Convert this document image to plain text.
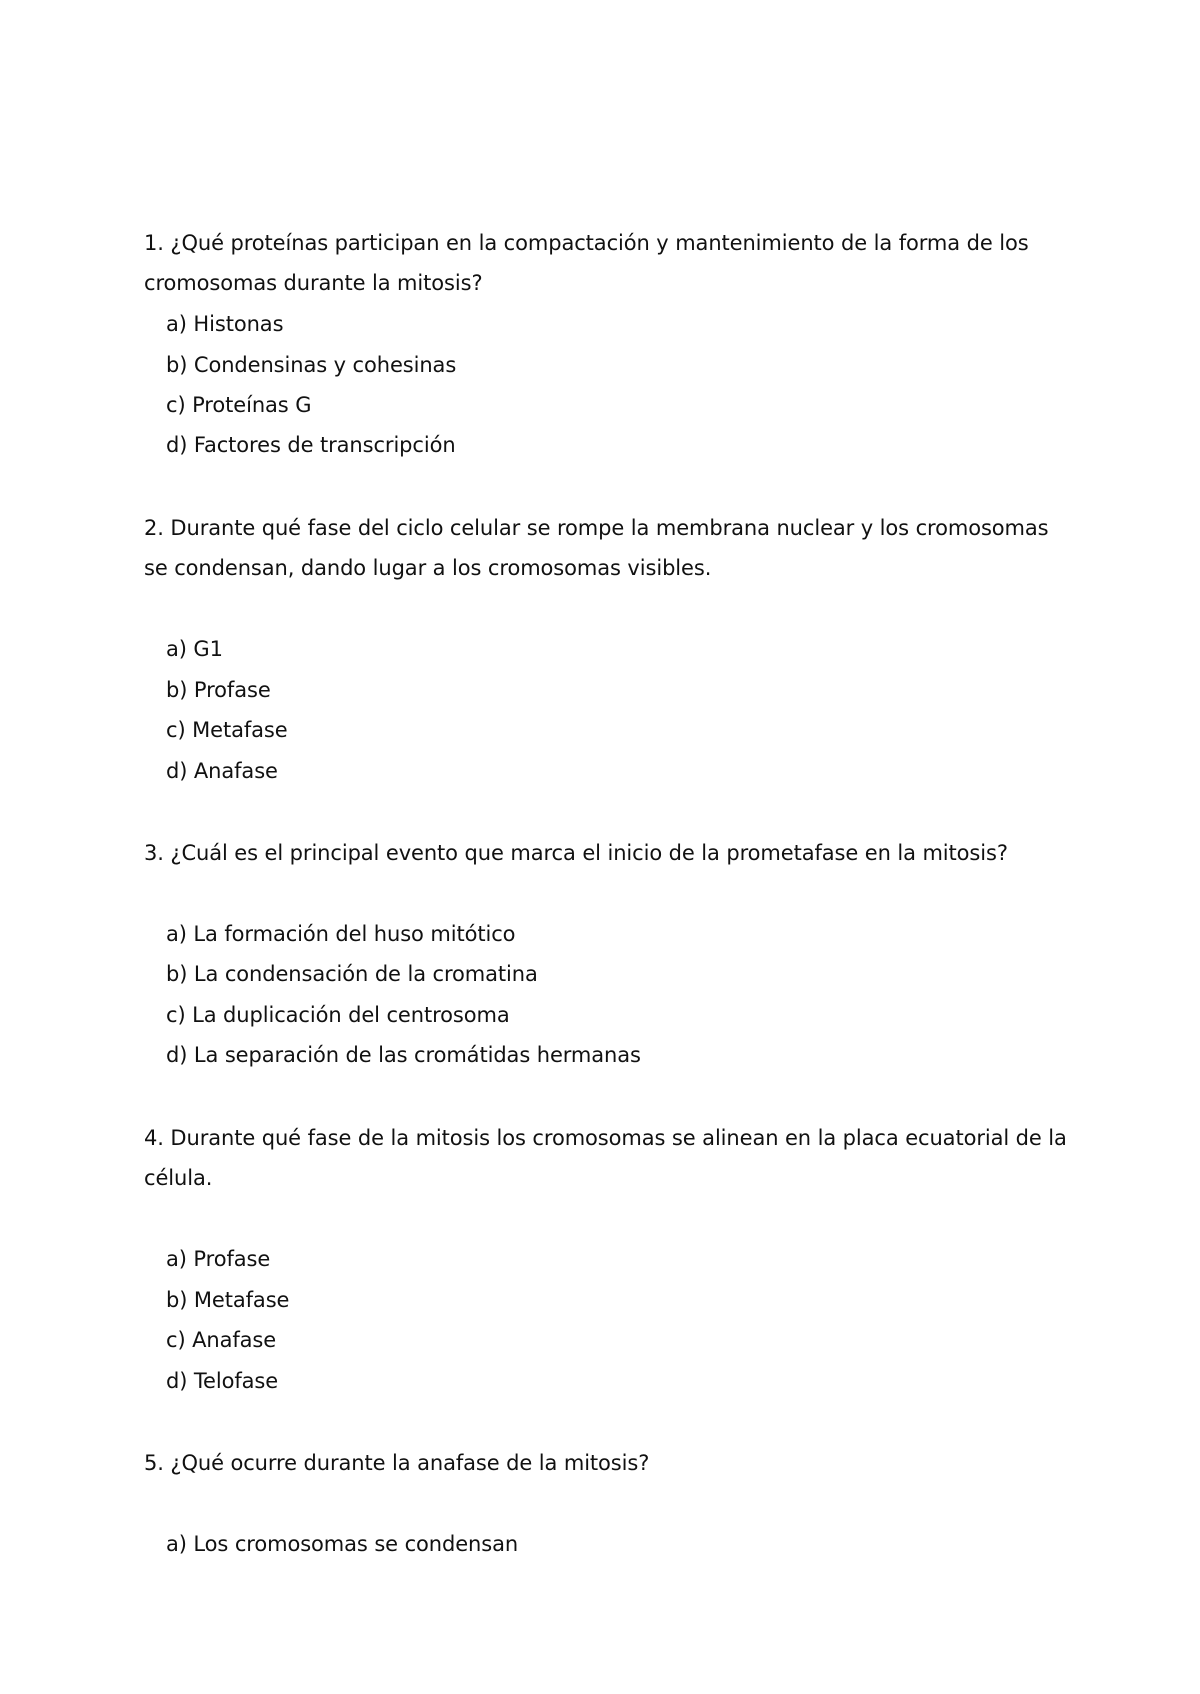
1. ¿Qué proteínas participan en la compactación y mantenimiento de la forma de los
cromosomas durante la mitosis?
a) Histonas
b) Condensinas y cohesinas
c) Proteínas G
d) Factores de transcripción
2. Durante qué fase del ciclo celular se rompe la membrana nuclear y los cromosomas
se condensan, dando lugar a los cromosomas visibles.
a) G1
b) Profase
c) Metafase
d) Anafase
3. ¿Cuál es el principal evento que marca el inicio de la prometafase en la mitosis?
a) La formación del huso mitótico
b) La condensación de la cromatina
c) La duplicación del centrosoma
d) La separación de las cromátidas hermanas
4. Durante qué fase de la mitosis los cromosomas se alinean en la placa ecuatorial de la
célula.
a) Profase
b) Metafase
c) Anafase
d) Telofase
5. ¿Qué ocurre durante la anafase de la mitosis?
a) Los cromosomas se condensan
